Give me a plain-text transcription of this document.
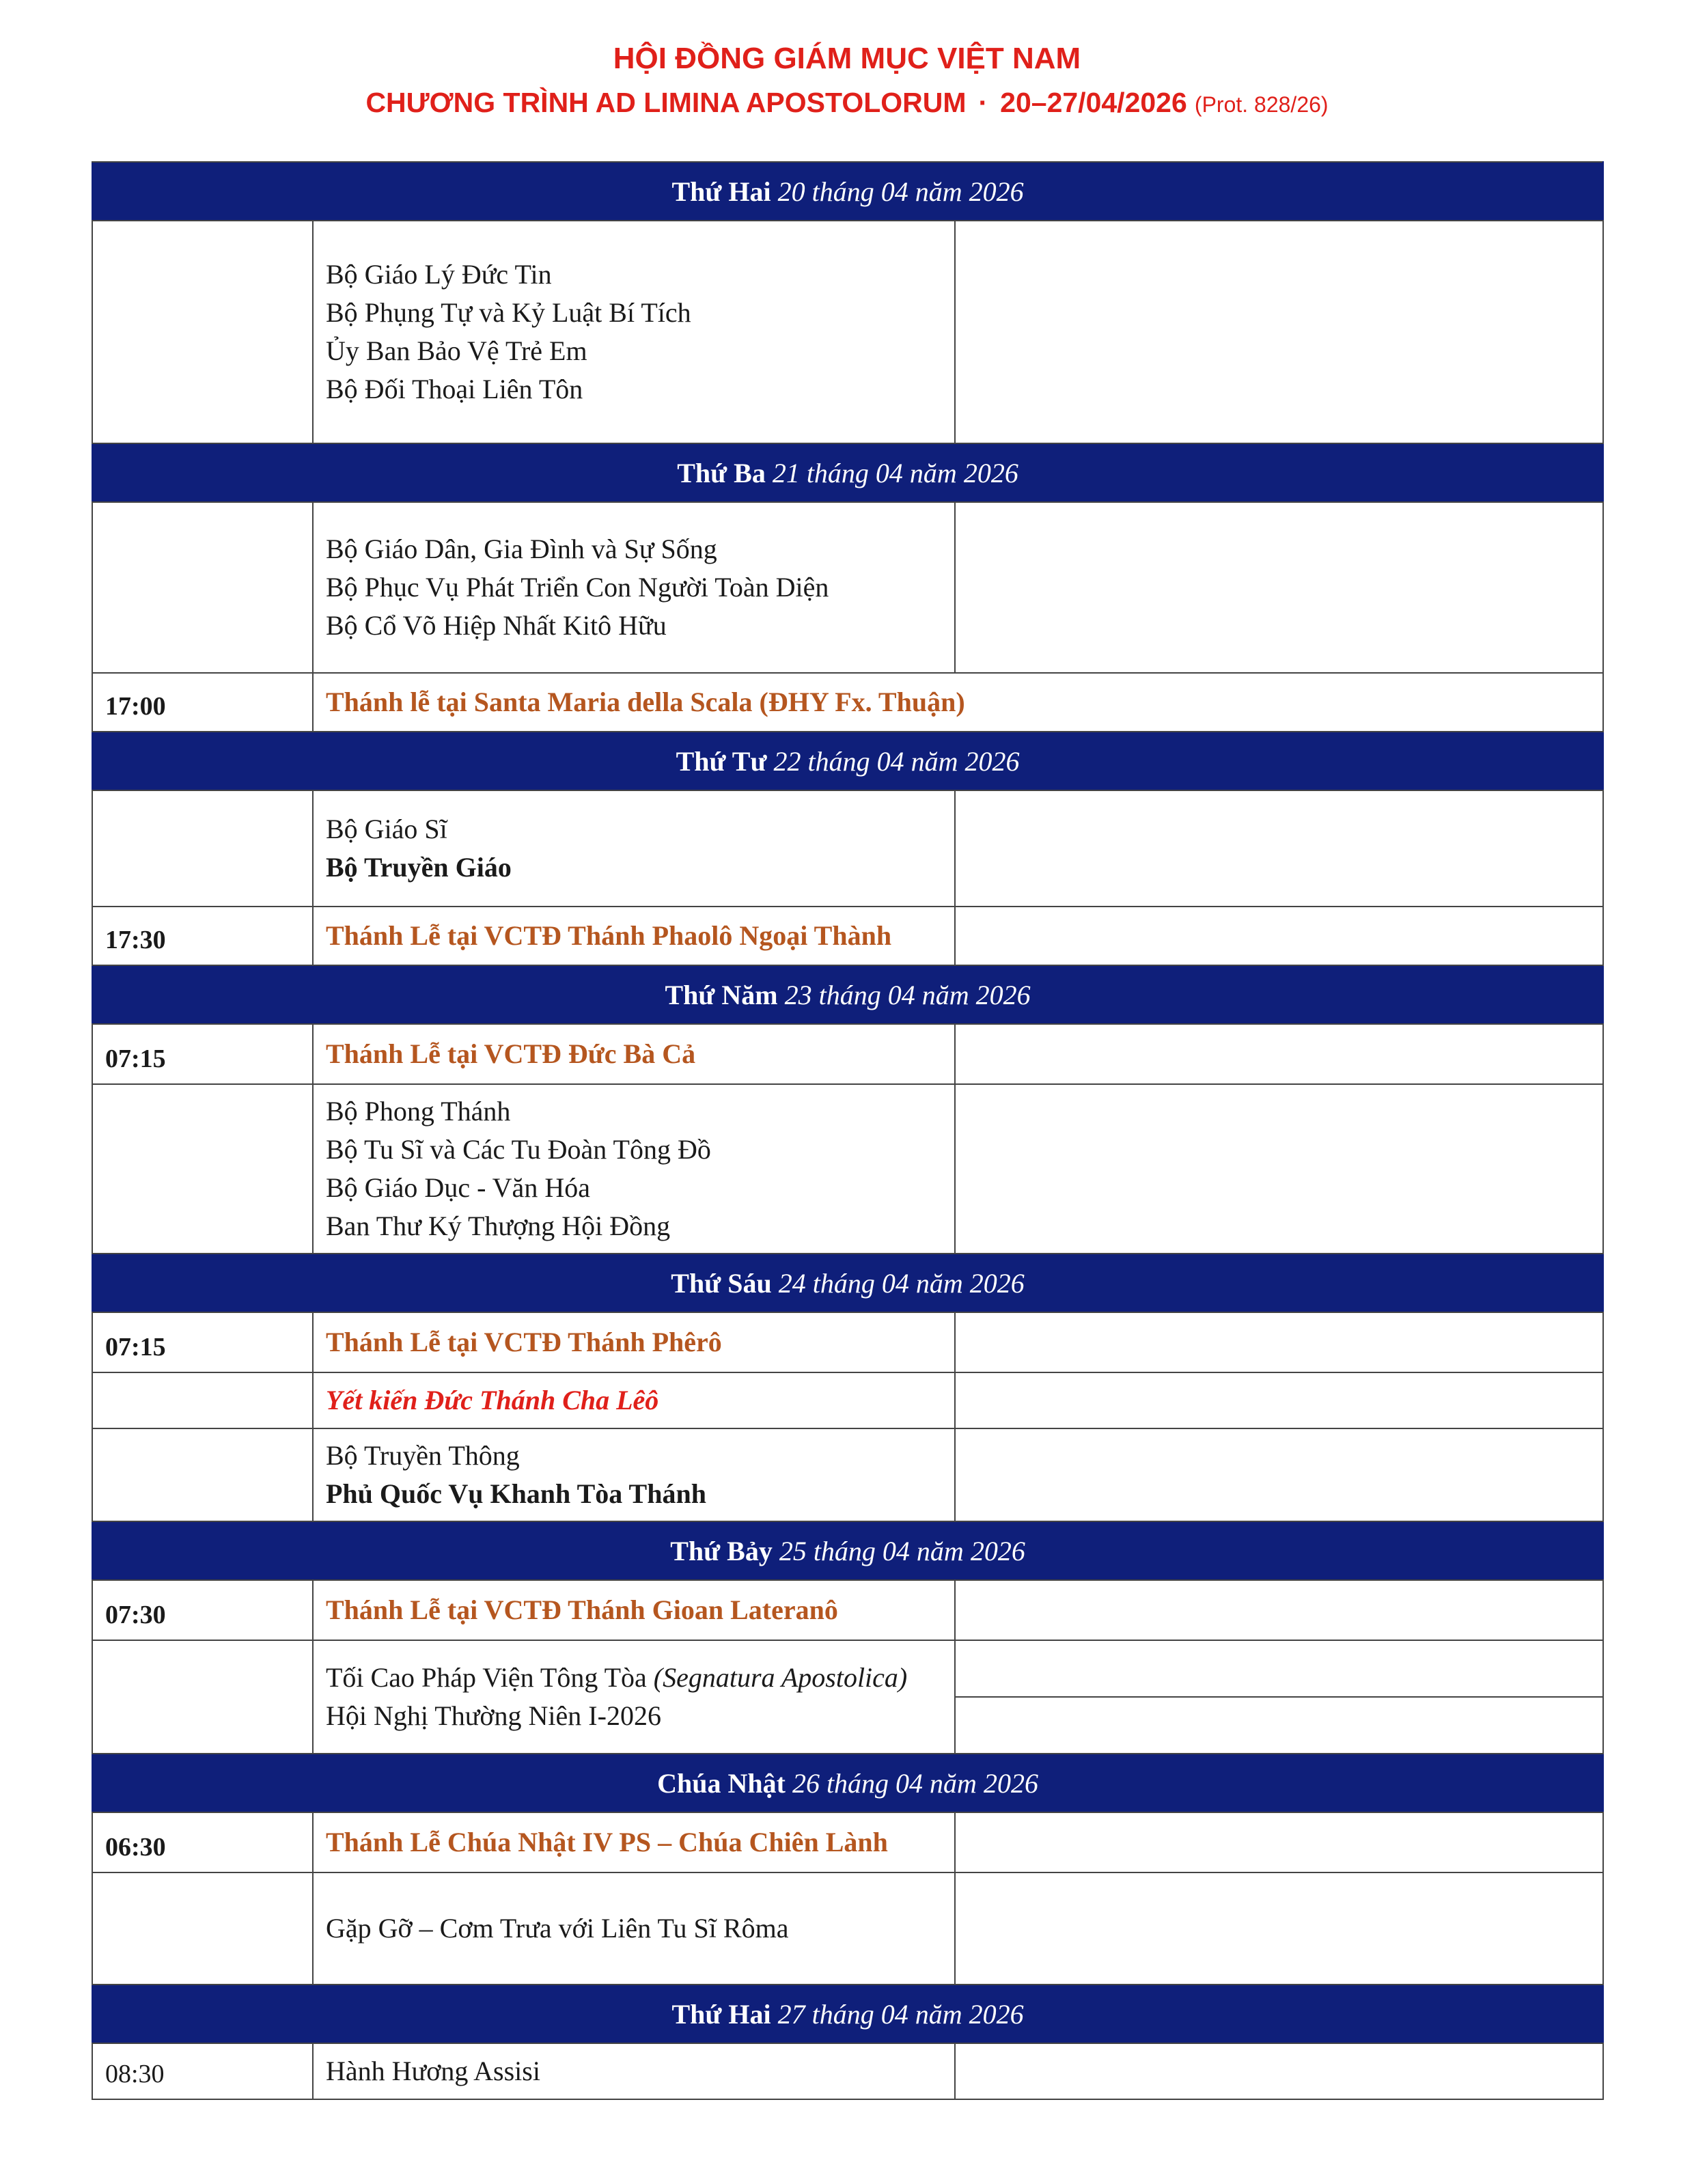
HỘI ĐỒNG GIÁM MỤC VIỆT NAM
CHƯƠNG TRÌNH AD LIMINA APOSTOLORUM · 20–27/04/2026 (Prot. 828/26)
Thứ Hai 20 tháng 04 năm 2026		

	Bộ Giáo Lý Đức Tin
Bộ Phụng Tự và Kỷ Luật Bí Tích
Ủy Ban Bảo Vệ Trẻ Em
Bộ Đối Thoại Liên Tôn	

Thứ Ba 21 tháng 04 năm 2026		

	Bộ Giáo Dân, Gia Đình và Sự Sống
Bộ Phục Vụ Phát Triển Con Người Toàn Diện
Bộ Cổ Võ Hiệp Nhất Kitô Hữu	

17:00	Thánh lễ tại Santa Maria della Scala (ĐHY Fx. Thuận)	
Thứ Tư 22 tháng 04 năm 2026		

	Bộ Giáo Sĩ
Bộ Truyền Giáo	

17:30	Thánh Lễ tại VCTĐ Thánh Phaolô Ngoại Thành	
Thứ Năm 23 tháng 04 năm 2026		
07:15	Thánh Lễ tại VCTĐ Đức Bà Cả	

	Bộ Phong Thánh
Bộ Tu Sĩ và Các Tu Đoàn Tông Đồ
Bộ Giáo Dục - Văn Hóa
Ban Thư Ký Thượng Hội Đồng	

Thứ Sáu 24 tháng 04 năm 2026		
07:15	Thánh Lễ tại VCTĐ Thánh Phêrô	
	Yết kiến Đức Thánh Cha Lêô	

	Bộ Truyền Thông
Phủ Quốc Vụ Khanh Tòa Thánh	

Thứ Bảy 25 tháng 04 năm 2026		
07:30	Thánh Lễ tại VCTĐ Thánh Gioan Lateranô	

	Tối Cao Pháp Viện Tông Tòa (Segnatura Apostolica)
Hội Nghị Thường Niên I-2026	

Chúa Nhật 26 tháng 04 năm 2026		
06:30	Thánh Lễ Chúa Nhật IV PS – Chúa Chiên Lành	
	Gặp Gỡ – Cơm Trưa với Liên Tu Sĩ Rôma	
Thứ Hai 27 tháng 04 năm 2026		
08:30	Hành Hương Assisi	
